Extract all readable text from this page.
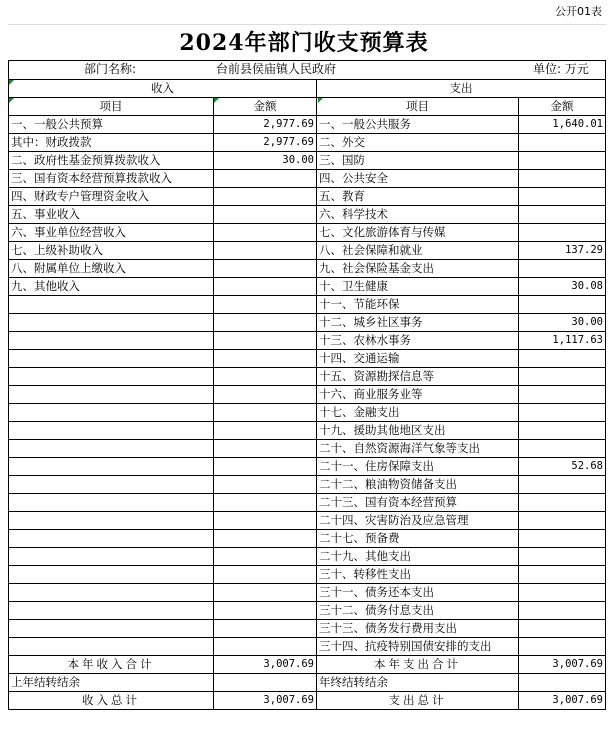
公开01表
2024年部门收支预算表
部门名称:	台前县侯庙镇人民政府	单位: 万元
收入		支出	
项目	金额	项目	金额
一、一般公共预算	2,977.69	一、一般公共服务	1,640.01
其中：财政拨款	2,977.69	二、外交	
二、政府性基金预算拨款收入	30.00	三、国防	
三、国有资本经营预算拨款收入		四、公共安全	
四、财政专户管理资金收入		五、教育	
五、事业收入		六、科学技术	
六、事业单位经营收入		七、文化旅游体育与传媒	
七、上级补助收入		八、社会保障和就业	137.29
八、附属单位上缴收入		九、社会保险基金支出	
九、其他收入		十、卫生健康	30.08
		十一、节能环保	
		十二、城乡社区事务	30.00
		十三、农林水事务	1,117.63
		十四、交通运输	
		十五、资源勘探信息等	
		十六、商业服务业等	
		十七、金融支出	
		十九、援助其他地区支出	
		二十、自然资源海洋气象等支出	
		二十一、住房保障支出	52.68
		二十二、粮油物资储备支出	
		二十三、国有资本经营预算	
		二十四、灾害防治及应急管理	
		二十七、预备费	
		二十九、其他支出	
		三十、转移性支出	
		三十一、债务还本支出	
		三十二、债务付息支出	
		三十三、债务发行费用支出	
		三十四、抗疫特别国债安排的支出	
本年收入合计	3,007.69	本年支出合计	3,007.69
上年结转结余		年终结转结余	
收入总计	3,007.69	支出总计	3,007.69
